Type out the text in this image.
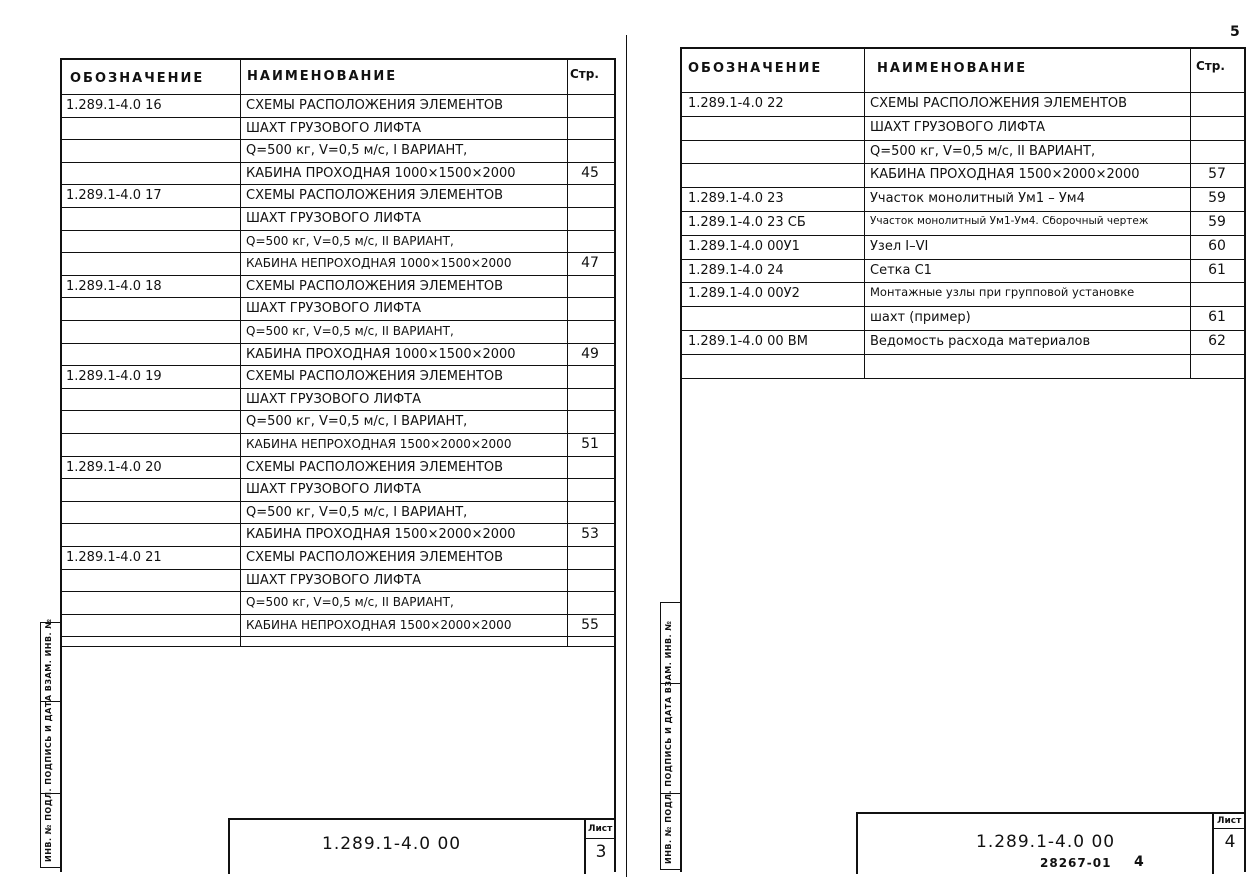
ОБОЗНАЧЕНИЕ	НАИМЕНОВАНИЕ	Стр.
1.289.1-4.0 16	СХЕМЫ РАСПОЛОЖЕНИЯ ЭЛЕМЕНТОВ
ШАХТ ГРУЗОВОГО ЛИФТА
Q=500 кг, V=0,5 м/с, I ВАРИАНТ,
КАБИНА ПРОХОДНАЯ 1000×1500×2000	45
1.289.1-4.0 17	СХЕМЫ РАСПОЛОЖЕНИЯ ЭЛЕМЕНТОВ
ШАХТ ГРУЗОВОГО ЛИФТА
Q=500 кг, V=0,5 м/с, II ВАРИАНТ,
КАБИНА НЕПРОХОДНАЯ 1000×1500×2000	47
1.289.1-4.0 18	СХЕМЫ РАСПОЛОЖЕНИЯ ЭЛЕМЕНТОВ
ШАХТ ГРУЗОВОГО ЛИФТА
Q=500 кг, V=0,5 м/с, II ВАРИАНТ,
КАБИНА ПРОХОДНАЯ 1000×1500×2000	49
1.289.1-4.0 19	СХЕМЫ РАСПОЛОЖЕНИЯ ЭЛЕМЕНТОВ
ШАХТ ГРУЗОВОГО ЛИФТА
Q=500 кг, V=0,5 м/с, I ВАРИАНТ,
КАБИНА НЕПРОХОДНАЯ 1500×2000×2000	51
1.289.1-4.0 20	СХЕМЫ РАСПОЛОЖЕНИЯ ЭЛЕМЕНТОВ
ШАХТ ГРУЗОВОГО ЛИФТА
Q=500 кг, V=0,5 м/с, I ВАРИАНТ,
КАБИНА ПРОХОДНАЯ 1500×2000×2000	53
1.289.1-4.0 21	СХЕМЫ РАСПОЛОЖЕНИЯ ЭЛЕМЕНТОВ
ШАХТ ГРУЗОВОГО ЛИФТА
Q=500 кг, V=0,5 м/с, II ВАРИАНТ,
КАБИНА НЕПРОХОДНАЯ 1500×2000×2000	55
1.289.1-4.0 00
Лист
3
ИНВ. № ПОДЛ. ПОДПИСЬ И ДАТА ВЗАМ. ИНВ. №
ОБОЗНАЧЕНИЕ	НАИМЕНОВАНИЕ	Стр.
1.289.1-4.0 22	СХЕМЫ РАСПОЛОЖЕНИЯ ЭЛЕМЕНТОВ
ШАХТ ГРУЗОВОГО ЛИФТА
Q=500 кг, V=0,5 м/с, II ВАРИАНТ,
КАБИНА ПРОХОДНАЯ 1500×2000×2000	57
1.289.1-4.0 23	Участок монолитный Ум1 – Ум4	59
1.289.1-4.0 23 СБ	Участок монолитный Ум1-Ум4. Сборочный чертеж	59
1.289.1-4.0 00У1	Узел I–VI	60
1.289.1-4.0 24	Сетка С1	61
1.289.1-4.0 00У2	Монтажные узлы при групповой установке
шахт (пример)	61
1.289.1-4.0 00 ВМ	Ведомость расхода материалов	62
1.289.1-4.0 00
Лист
4
ИНВ. № ПОДЛ. ПОДПИСЬ И ДАТА ВЗАМ. ИНВ. №
5
28267-01 4
